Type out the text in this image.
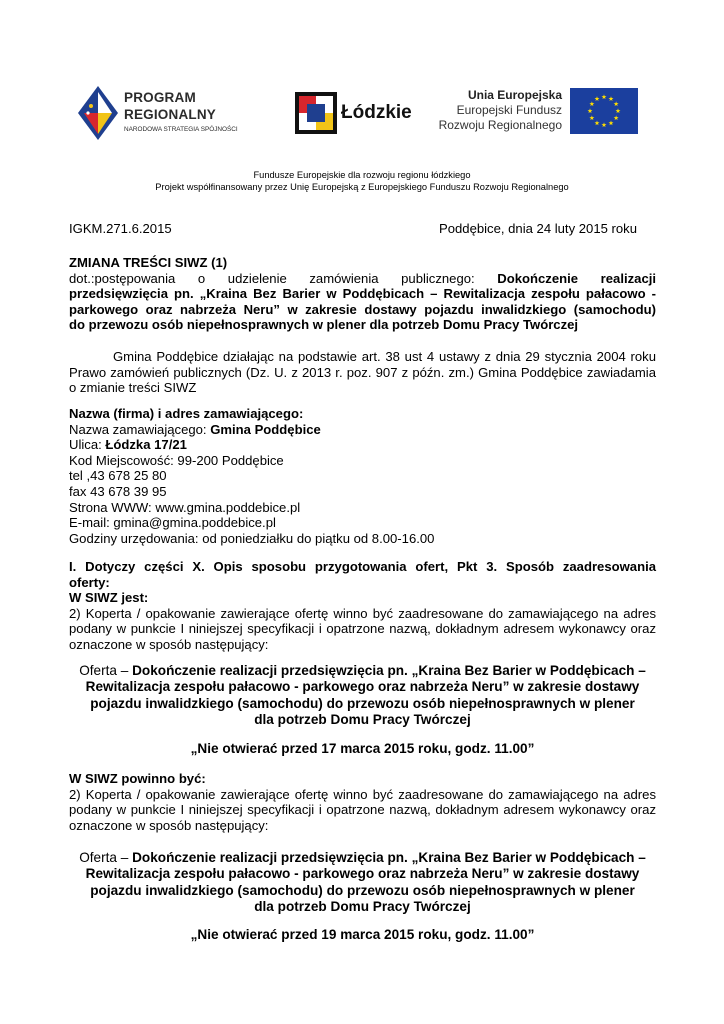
PROGRAM
REGIONALNY
NARODOWA STRATEGIA SPÓJNOŚCI
Łódzkie
Unia Europejska
Europejski Fundusz
Rozwoju Regionalnego
Fundusze Europejskie dla rozwoju regionu łódzkiego
Projekt współfinansowany przez Unię Europejską z Europejskiego Funduszu Rozwoju Regionalnego
IGKM.271.6.2015	Poddębice, dnia 24 luty 2015 roku
ZMIANA TREŚCI SIWZ (1)
dot.:postępowania o udzielenie zamówienia publicznego: Dokończenie realizacji
przedsięwzięcia pn. „Kraina Bez Barier w Poddębicach – Rewitalizacja zespołu pałacowo -
parkowego oraz nabrzeża Neru” w zakresie dostawy pojazdu inwalidzkiego (samochodu)
do przewozu osób niepełnosprawnych w plener dla potrzeb Domu Pracy Twórczej
Gmina Poddębice działając na podstawie art. 38 ust 4 ustawy z dnia 29 stycznia 2004 roku
Prawo zamówień publicznych (Dz. U. z 2013 r. poz. 907 z późn. zm.) Gmina Poddębice zawiadamia
o zmianie treści SIWZ
Nazwa (firma) i adres zamawiającego:
Nazwa zamawiającego: Gmina Poddębice
Ulica: Łódzka 17/21
Kod Miejscowość: 99-200 Poddębice
tel ,43 678 25 80
fax 43 678 39 95
Strona WWW: www.gmina.poddebice.pl
E-mail: gmina@gmina.poddebice.pl
Godziny urzędowania: od poniedziałku do piątku od 8.00-16.00
I. Dotyczy części X. Opis sposobu przygotowania ofert, Pkt 3. Sposób zaadresowania
oferty:
W SIWZ jest:
2) Koperta / opakowanie zawierające ofertę winno być zaadresowane do zamawiającego na adres
podany w punkcie I niniejszej specyfikacji i opatrzone nazwą, dokładnym adresem wykonawcy oraz
oznaczone w sposób następujący:
Oferta – Dokończenie realizacji przedsięwzięcia pn. „Kraina Bez Barier w Poddębicach –
Rewitalizacja zespołu pałacowo - parkowego oraz nabrzeża Neru” w zakresie dostawy
pojazdu inwalidzkiego (samochodu) do przewozu osób niepełnosprawnych w plener
dla potrzeb Domu Pracy Twórczej
„Nie otwierać przed 17 marca 2015 roku, godz. 11.00”
W SIWZ powinno być:
2) Koperta / opakowanie zawierające ofertę winno być zaadresowane do zamawiającego na adres
podany w punkcie I niniejszej specyfikacji i opatrzone nazwą, dokładnym adresem wykonawcy oraz
oznaczone w sposób następujący:
Oferta – Dokończenie realizacji przedsięwzięcia pn. „Kraina Bez Barier w Poddębicach –
Rewitalizacja zespołu pałacowo - parkowego oraz nabrzeża Neru” w zakresie dostawy
pojazdu inwalidzkiego (samochodu) do przewozu osób niepełnosprawnych w plener
dla potrzeb Domu Pracy Twórczej
„Nie otwierać przed 19 marca 2015 roku, godz. 11.00”
